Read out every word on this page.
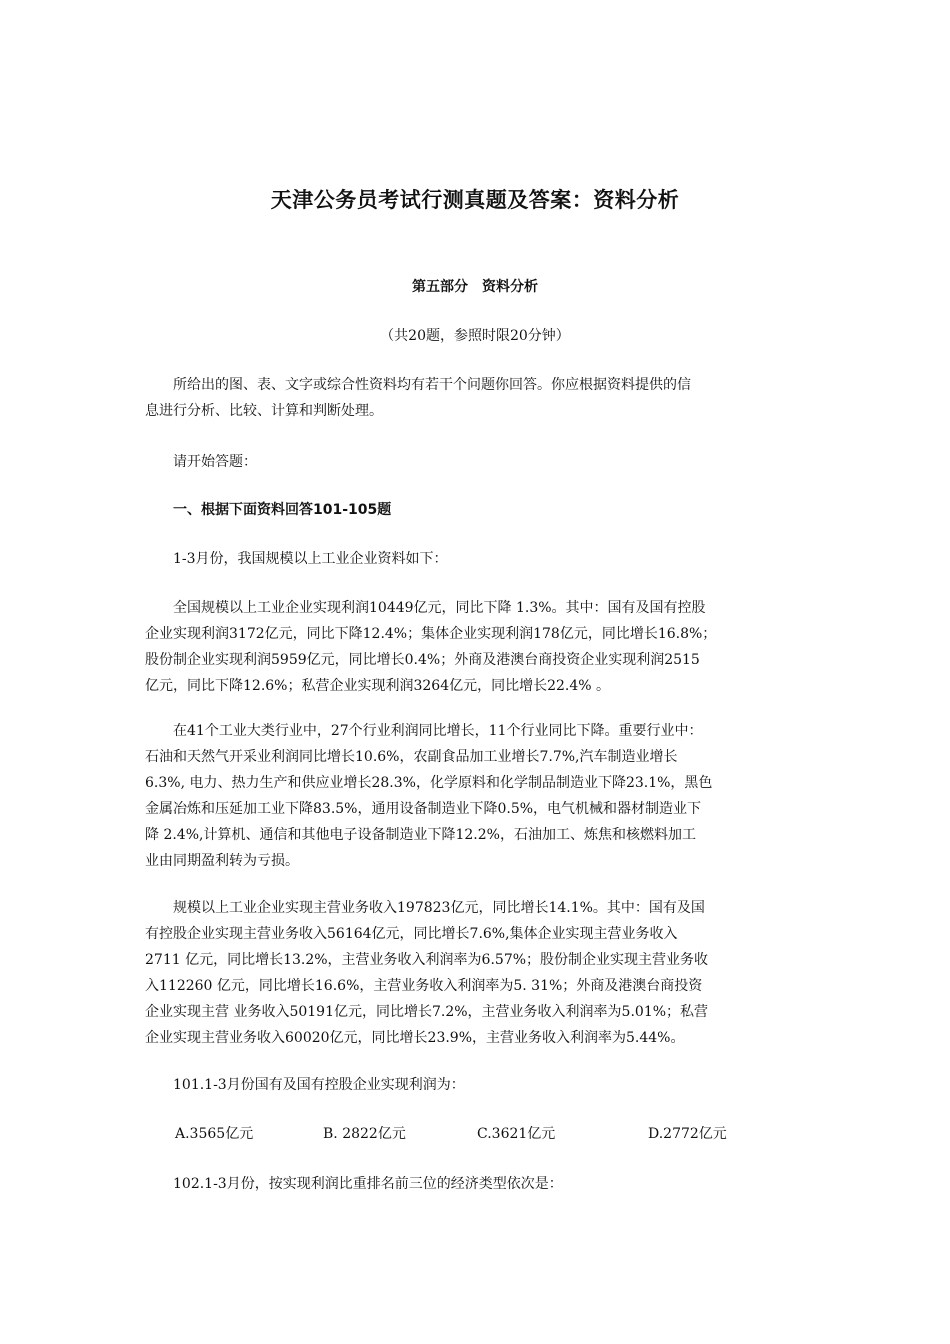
天津公务员考试行测真题及答案：资料分析
第五部分　资料分析
（共20题，参照时限20分钟）
　　所给出的图、表、文字或综合性资料均有若干个问题你回答。你应根据资料提供的信
息进行分析、比较、计算和判断处理。
　　请开始答题：
　　一、根据下面资料回答101-105题
　　1-3月份，我国规模以上工业企业资料如下：
　　全国规模以上工业企业实现利润10449亿元，同比下降 1.3%。其中：国有及国有控股
企业实现利润3172亿元，同比下降12.4%；集体企业实现利润178亿元，同比增长16.8%；
股份制企业实现利润5959亿元，同比增长0.4%；外商及港澳台商投资企业实现利润2515
亿元，同比下降12.6%；私营企业实现利润3264亿元，同比增长22.4% 。
　　在41个工业大类行业中，27个行业利润同比增长，11个行业同比下降。重要行业中：
石油和天然气开采业利润同比增长10.6%，农副食品加工业增长7.7%,汽车制造业增长
6.3%, 电力、热力生产和供应业增长28.3%，化学原料和化学制品制造业下降23.1%，黑色
金属冶炼和压延加工业下降83.5%，通用设备制造业下降0.5%，电气机械和器材制造业下
降 2.4%,计算机、通信和其他电子设备制造业下降12.2%，石油加工、炼焦和核燃料加工
业由同期盈利转为亏损。
　　规模以上工业企业实现主营业务收入197823亿元，同比增长14.1%。其中：国有及国
有控股企业实现主营业务收入56164亿元，同比增长7.6%,集体企业实现主营业务收入
2711 亿元，同比增长13.2%，主营业务收入利润率为6.57%；股份制企业实现主营业务收
入112260 亿元，同比增长16.6%，主营业务收入利润率为5. 31%；外商及港澳台商投资
企业实现主营 业务收入50191亿元，同比增长7.2%，主营业务收入利润率为5.01%；私营
企业实现主营业务收入60020亿元，同比增长23.9%，主营业务收入利润率为5.44%。
　　101.1-3月份国有及国有控股企业实现利润为：
A.3565亿元	B. 2822亿元	C.3621亿元	D.2772亿元
　　102.1-3月份，按实现利润比重排名前三位的经济类型依次是：
